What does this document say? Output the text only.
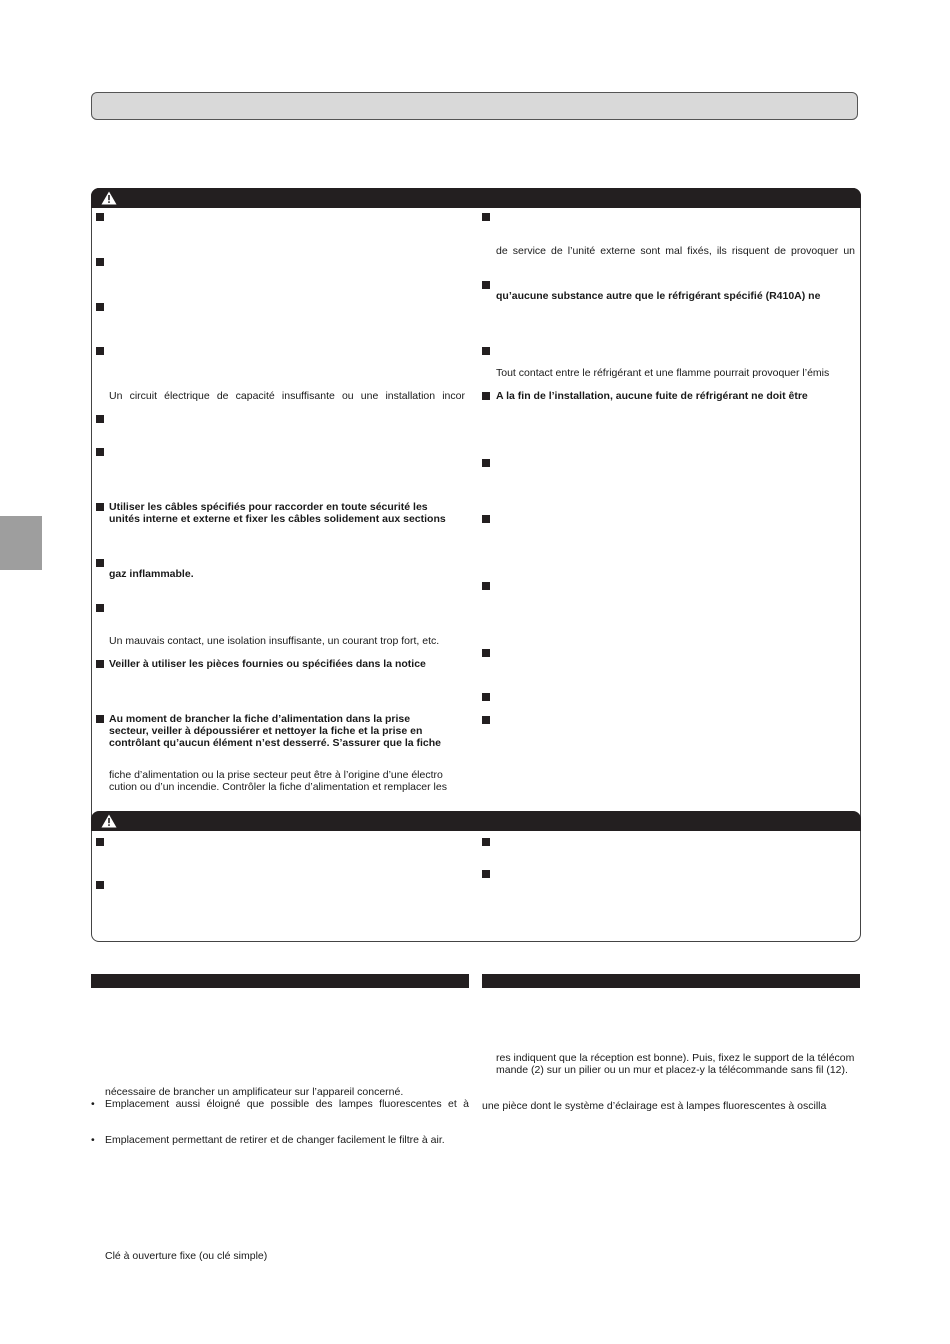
Un circuit électrique de capacité insuffisante ou une installation incor
Utiliser les câbles spécifiés pour raccorder en toute sécurité les
unités interne et externe et fixer les câbles solidement aux sections
gaz inflammable.
Un mauvais contact, une isolation insuffisante, un courant trop fort, etc.
Veiller à utiliser les pièces fournies ou spécifiées dans la notice
Au moment de brancher la fiche d’alimentation dans la prise
secteur, veiller à dépoussiérer et nettoyer la fiche et la prise en
contrôlant qu’aucun élément n’est desserré. S’assurer que la fiche
fiche d’alimentation ou la prise secteur peut être à l’origine d’une électro
cution ou d’un incendie. Contrôler la fiche d’alimentation et remplacer les
de service de l’unité externe sont mal fixés, ils risquent de provoquer un
qu’aucune substance autre que le réfrigérant spécifié (R410A) ne
Tout contact entre le réfrigérant et une flamme pourrait provoquer l’émis
A la fin de l’installation, aucune fuite de réfrigérant ne doit être
nécessaire de brancher un amplificateur sur l’appareil concerné.
• Emplacement aussi éloigné que possible des lampes fluorescentes et à
• Emplacement permettant de retirer et de changer facilement le filtre à air.
Clé à ouverture fixe (ou clé simple)
res indiquent que la réception est bonne). Puis, fixez le support de la télécom
mande (2) sur un pilier ou un mur et placez-y la télécommande sans fil (12).
une pièce dont le système d’éclairage est à lampes fluorescentes à oscilla
